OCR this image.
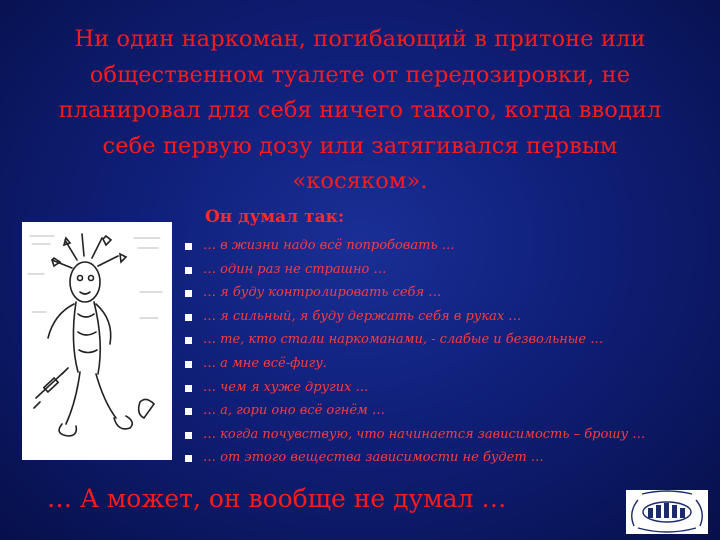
Ни один наркоман, погибающий в притоне или
общественном туалете от передозировки, не
планировал для себя ничего такого, когда вводил
себе первую дозу или затягивался первым
«косяком».
Он думал так:
… в жизни надо всё попробовать …
… один раз не страшно …
… я буду контролировать себя …
… я сильный, я буду держать себя в руках …
… те, кто стали наркоманами, - слабые и безвольные …
… а мне всё-фигу.
… чем я хуже других …
… а, гори оно всё огнём …
… когда почувствую, что начинается зависимость – брошу …
… от этого вещества зависимости не будет …
… А может, он вообще не думал …
